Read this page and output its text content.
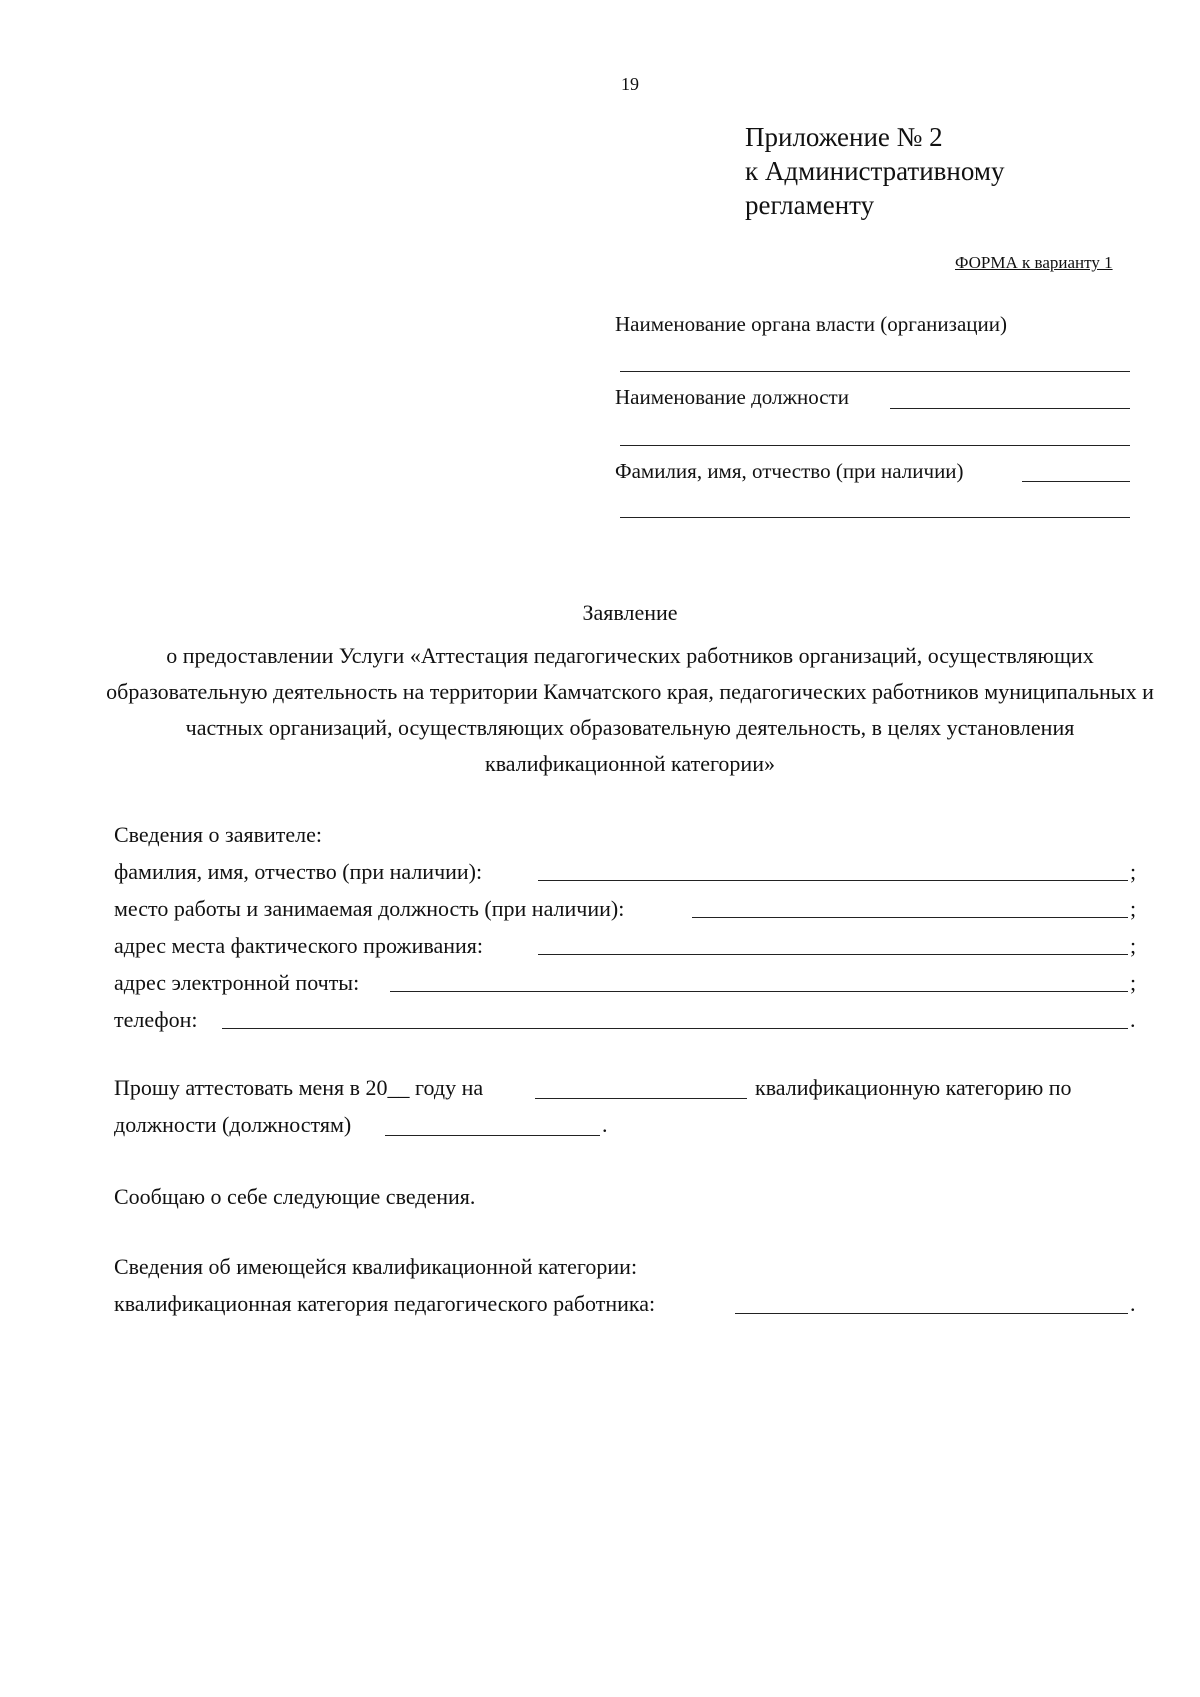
19
Приложение № 2
к Административному
регламенту
ФОРМА к варианту 1
Наименование органа власти (организации)
Наименование должности
Фамилия, имя, отчество (при наличии)
Заявление
о предоставлении Услуги «Аттестация педагогических работников организаций, осуществляющих образовательную деятельность на территории Камчатского края, педагогических работников муниципальных и частных организаций, осуществляющих образовательную деятельность, в целях установления квалификационной категории»
Сведения о заявителе:
фамилия, имя, отчество (при наличии):	;
место работы и занимаемая должность (при наличии):	;
адрес места фактического проживания:	;
адрес электронной почты:	;
телефон:	.
Прошу аттестовать меня в 20__ году на	квалификационную категорию по
должности (должностям)	.
Сообщаю о себе следующие сведения.
Сведения об имеющейся квалификационной категории:
квалификационная категория педагогического работника:	.
